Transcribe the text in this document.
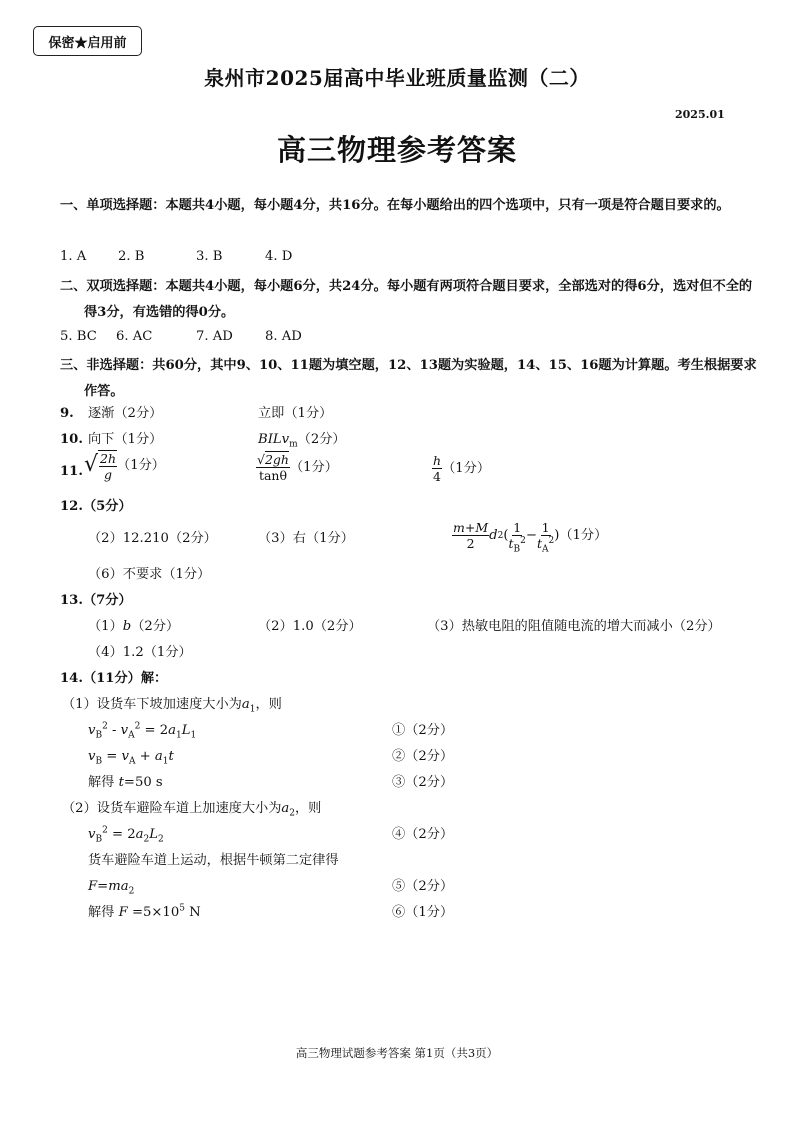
保密★启用前
泉州市2025届高中毕业班质量监测（二）
2025.01
高三物理参考答案
一、单项选择题：本题共4小题，每小题4分，共16分。在每小题给出的四个选项中，只有一项是符合题目要求的。
1. A 2. B	3. B	4. D
二、双项选择题：本题共4小题，每小题6分，共24分。每小题有两项符合题目要求，全部选对的得6分，选对但不全的得3分，有选错的得0分。
5. BC 6. AC	7. AD 8. AD
三、非选择题：共60分，其中9、10、11题为填空题，12、13题为实验题，14、15、16题为计算题。考生根据要求作答。
9. 逐渐（2分）	立即（1分）
10. 向下（1分）	BILv$_m$（2分）
11. √ $\frac{2h}{g} (1$分）	$\frac{√2gh}{\tan\theta} (1$分）	$\frac{h}{4} (1$分）
12.（5分）
（2）12.210（2分）	（3）右（1分）	$\frac{m+M}{2}$ d 2 ( $\frac{1}{t_B^2} - \frac{1}{t_A^2}$ ) （1分）
（6）不要求（1分）
13.（7分）
（1）b（2分）	（2）1.0（2分）	（3）热敏电阻的阻值随电流的增大而减小（2分）
（4）1.2（1分）
14.（11分）解：
（1）设货车下坡加速度大小为$a_1$，则
$v_B^2 - v_A^2 = 2a_1L_1$	①（2分）
$v_B = v_A + a_1t$	②（2分）
解得 t=50 s	③（2分）
（2）设货车避险车道上加速度大小为$a_2$，则
$v_B^2 = 2a_2L_2$	④（2分）
货车避险车道上运动，根据牛顿第二定律得
$F=ma_2$	⑤（2分）
解得 $F =5\times 10^5$ N	⑥（1分）
高三物理试题参考答案 第1页（共3页）
